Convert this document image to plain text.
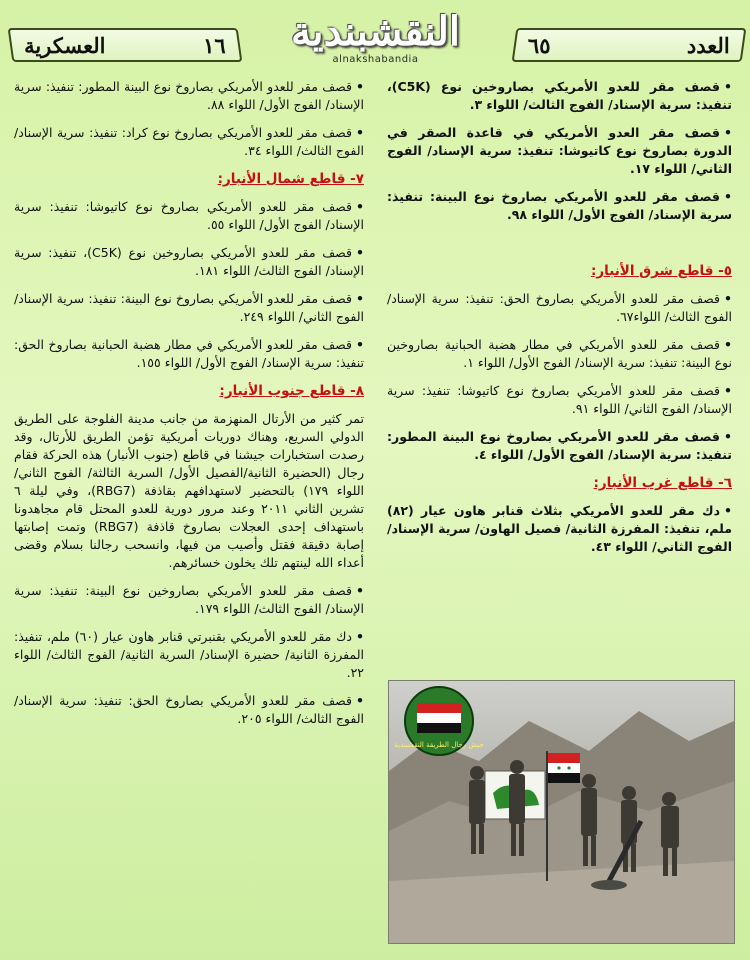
العدد
٦٥
النقشبندية
alnakshabandia
١٦
العسكرية
•قصف مقر للعدو الأمريكي بصاروخين نوع (C5K)، تنفيذ: سرية الإسناد/ الفوج الثالث/ اللواء ٣.
•قصف مقر العدو الأمريكي في قاعدة الصقر في الدورة بصاروخ نوع كاتيوشا: تنفيذ: سرية الإسناد/ الفوج الثاني/ اللواء ١٧.
•قصف مقر للعدو الأمريكي بصاروخ نوع البينة: تنفيذ: سرية الإسناد/ الفوج الأول/ اللواء ٩٨.
٥- قاطع شرق الأنبار:
•قصف مقر للعدو الأمريكي بصاروخ الحق: تنفيذ: سرية الإسناد/ الفوج الثالث/ اللواء٦٧.
•قصف مقر للعدو الأمريكي في مطار هضبة الحبانية بصاروخين نوع البينة: تنفيذ: سرية الإسناد/ الفوج الأول/ اللواء ١.
•قصف مقر للعدو الأمريكي بصاروخ نوع كاتيوشا: تنفيذ: سرية الإسناد/ الفوج الثاني/ اللواء ٩١.
•قصف مقر للعدو الأمريكي بصاروخ نوع البينة المطور: تنفيذ: سرية الإسناد/ الفوج الأول/ اللواء ٤.
٦- قاطع غرب الأنبار:
•دك مقر للعدو الأمريكي بثلاث قنابر هاون عيار (٨٢) ملم، تنفيذ: المفرزة الثانية/ فصيل الهاون/ سرية الإسناد/ الفوج الثاني/ اللواء ٤٣.
جيش رجال الطريقة النقشبندية
•قصف مقر للعدو الأمريكي بصاروخ نوع البينة المطور: تنفيذ: سرية الإسناد/ الفوج الأول/ اللواء ٨٨.
•قصف مقر للعدو الأمريكي بصاروخ نوع كراد: تنفيذ: سرية الإسناد/ الفوج الثالث/ اللواء ٣٤.
٧- قاطع شمال الأنبار:
•قصف مقر للعدو الأمريكي بصاروخ نوع كاتيوشا: تنفيذ: سرية الإسناد/ الفوج الأول/ اللواء ٥٥.
•قصف مقر للعدو الأمريكي بصاروخين نوع (C5K)، تنفيذ: سرية الإسناد/ الفوج الثالث/ اللواء ١٨١.
•قصف مقر للعدو الأمريكي بصاروخ نوع البينة: تنفيذ: سرية الإسناد/ الفوج الثاني/ اللواء ٢٤٩.
•قصف مقر للعدو الأمريكي في مطار هضبة الحبانية بصاروخ الحق: تنفيذ: سرية الإسناد/ الفوج الأول/ اللواء ١٥٥.
٨- قاطع جنوب الأنبار:
تمر كثير من الأرتال المنهزمة من جانب مدينة الفلوجة على الطريق الدولي السريع، وهناك دوريات أمريكية تؤمن الطريق للأرتال، وقد رصدت استخبارات جيشنا في قاطع (جنوب الأنبار) هذه الحركة فقام رجال (الحضيرة الثانية/الفصيل الأول/ السرية الثالثة/ الفوج الثاني/ اللواء ١٧٩) بالتحضير لاستهدافهم بقاذفة (RBG7)، وفي ليلة ٦ تشرين الثاني ٢٠١١ وعند مرور دورية للعدو المحتل قام مجاهدونا باستهداف إحدى العجلات بصاروخ قاذفة (RBG7) وتمت إصابتها إصابة دقيقة فقتل وأصيب من فيها، وانسحب رجالنا بسلام وقضى أعداء الله لينتهم تلك يخلون خسائرهم.
•قصف مقر للعدو الأمريكي بصاروخين نوع البينة: تنفيذ: سرية الإسناد/ الفوج الثالث/ اللواء ١٧٩.
•دك مقر للعدو الأمريكي بقنبرتي قنابر هاون عيار (٦٠) ملم، تنفيذ: المفرزة الثانية/ حضيرة الإسناد/ السرية الثانية/ الفوج الثالث/ اللواء ٢٢.
•قصف مقر للعدو الأمريكي بصاروخ الحق: تنفيذ: سرية الإسناد/ الفوج الثالث/ اللواء ٢٠٥.
